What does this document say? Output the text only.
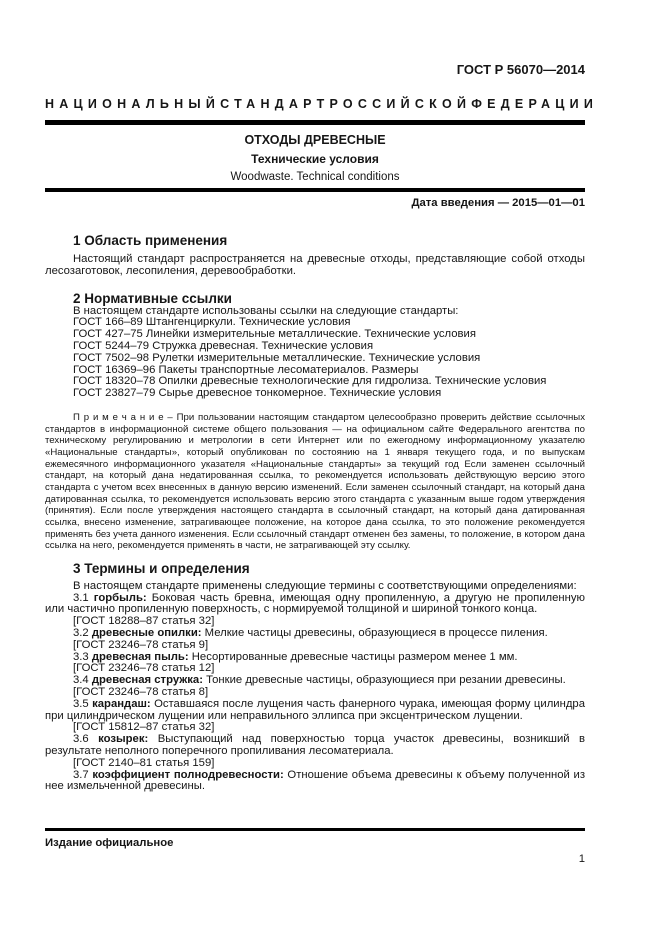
ГОСТ Р 56070—2014
НАЦИОНАЛЬНЫЙ СТАНДАРТ РОССИЙСКОЙ ФЕДЕРАЦИИ
ОТХОДЫ ДРЕВЕСНЫЕ
Технические условия
Woodwaste. Technical conditions
Дата введения — 2015—01—01
1 Область применения

Настоящий стандарт распространяется на древесные отходы, представляющие собой отходы лесозаготовок, лесопиления, деревообработки.

2 Нормативные ссылки

В настоящем стандарте использованы ссылки на следующие стандарты:

ГОСТ 166–89 Штангенциркули. Технические условия

ГОСТ 427–75 Линейки измерительные металлические. Технические условия

ГОСТ 5244–79 Стружка древесная. Технические условия

ГОСТ 7502–98 Рулетки измерительные металлические. Технические условия

ГОСТ 16369–96 Пакеты транспортные лесоматериалов. Размеры

ГОСТ 18320–78 Опилки древесные технологические для гидролиза. Технические условия

ГОСТ 23827–79 Сырье древесное тонкомерное. Технические условия

П р и м е ч а н и е – При пользовании настоящим стандартом целесообразно проверить действие ссылочных стандартов в информационной системе общего пользования — на официальном сайте Федерального агентства по техническому регулированию и метрологии в сети Интернет или по ежегодному информационному указателю «Национальные стандарты», который опубликован по состоянию на 1 января текущего года, и по выпускам ежемесячного информационного указателя «Национальные стандарты» за текущий год Если заменен ссылочный стандарт, на который дана недатированная ссылка, то рекомендуется использовать действующую версию этого стандарта с учетом всех внесенных в данную версию изменений. Если заменен ссылочный стандарт, на который дана датированная ссылка, то рекомендуется использовать версию этого стандарта с указанным выше годом утверждения (принятия). Если после утверждения настоящего стандарта в ссылочный стандарт, на который дана датированная ссылка, внесено изменение, затрагивающее положение, на которое дана ссылка, то это положение рекомендуется применять без учета данного изменения. Если ссылочный стандарт отменен без замены, то положение, в котором дана ссылка на него, рекомендуется применять в части, не затрагивающей эту ссылку.

3 Термины и определения

В настоящем стандарте применены следующие термины с соответствующими определениями:

3.1 горбыль: Боковая часть бревна, имеющая одну пропиленную, а другую не пропиленную или частично пропиленную поверхность, с нормируемой толщиной и шириной тонкого конца.

[ГОСТ 18288–87 статья 32]

3.2 древесные опилки: Мелкие частицы древесины, образующиеся в процессе пиления.

[ГОСТ 23246–78 статья 9]

3.3 древесная пыль: Несортированные древесные частицы размером менее 1 мм.

[ГОСТ 23246–78 статья 12]

3.4 древесная стружка: Тонкие древесные частицы, образующиеся при резании древесины.

[ГОСТ 23246–78 статья 8]

3.5 карандаш: Оставшаяся после лущения часть фанерного чурака, имеющая форму цилиндра при цилиндрическом лущении или неправильного эллипса при эксцентрическом лущении.

[ГОСТ 15812–87 статья 32]

3.6 козырек: Выступающий над поверхностью торца участок древесины, возникший в результате неполного поперечного пропиливания лесоматериала.

[ГОСТ 2140–81 статья 159]

3.7 коэффициент полнодревесности: Отношение объема древесины к объему полученной из нее измельченной древесины.

Издание официальное
1
